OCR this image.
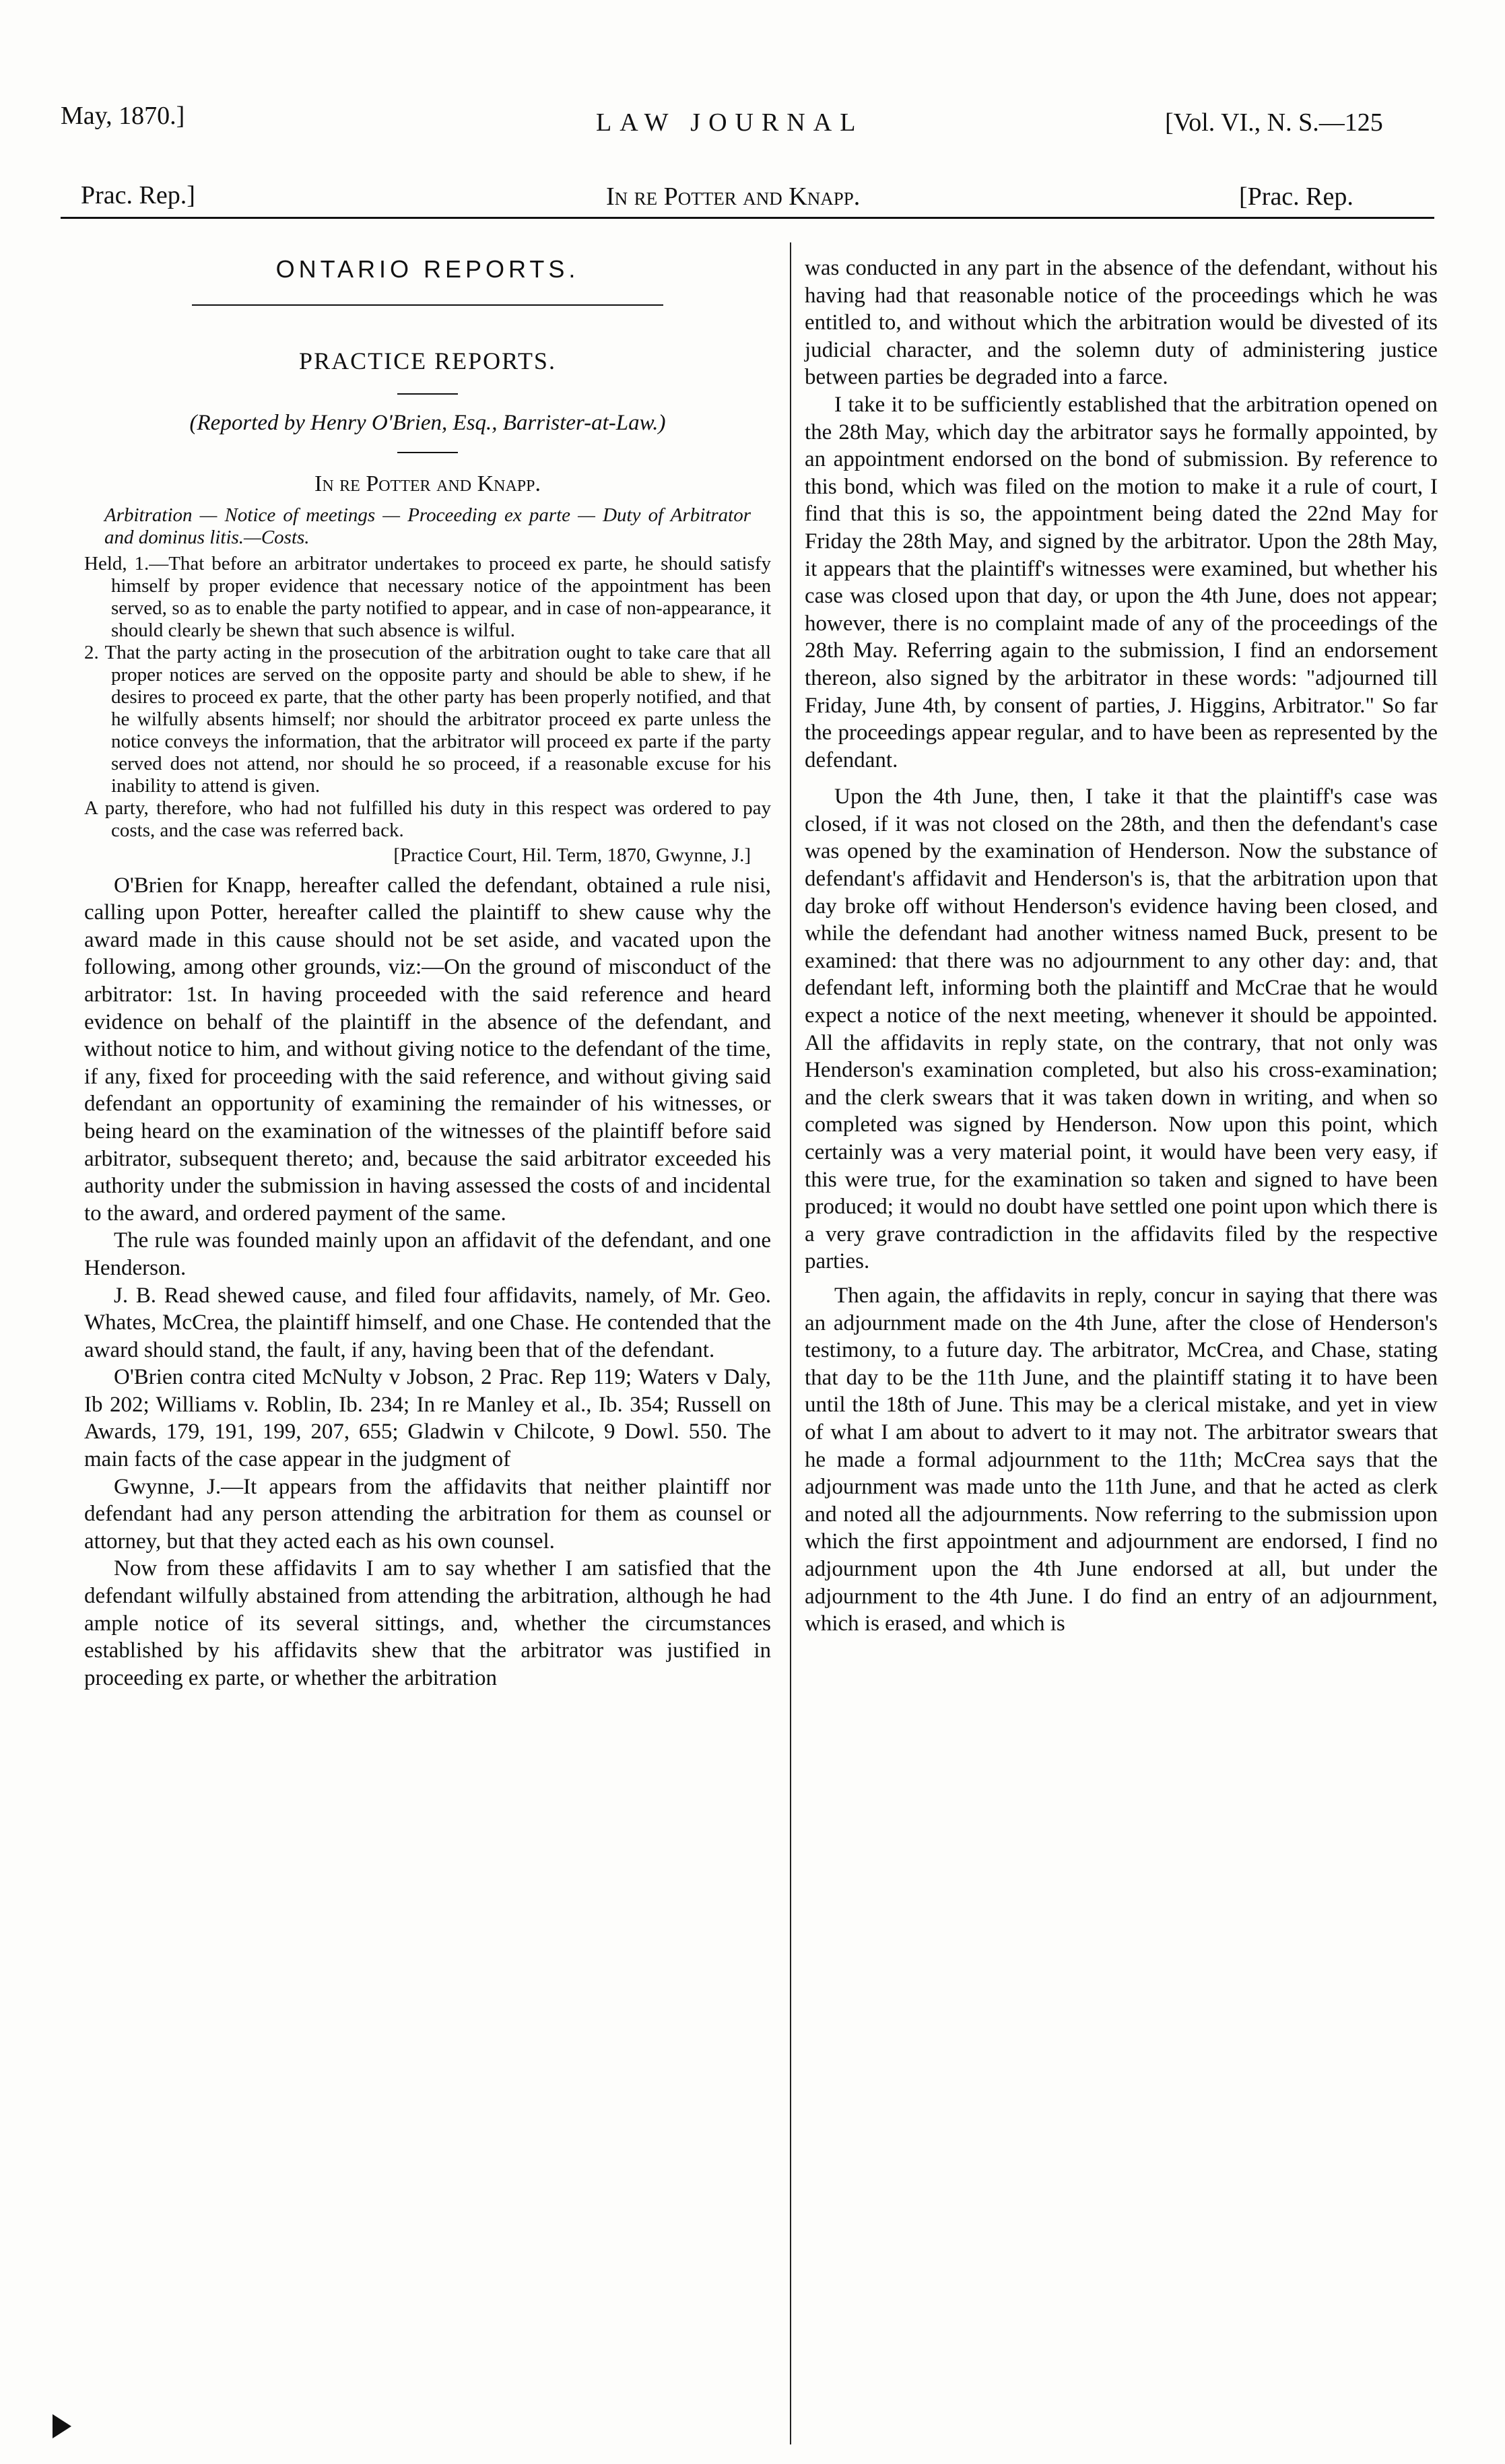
May, 1870.]	LAW JOURNAL	[Vol. VI., N. S.—125
Prac. Rep.]	In re Potter and Knapp.	[Prac. Rep.
ONTARIO REPORTS.
PRACTICE REPORTS.
(Reported by Henry O'Brien, Esq., Barrister-at-Law.)
In re Potter and Knapp.

Arbitration — Notice of meetings — Proceeding ex parte — Duty of Arbitrator and dominus litis.—Costs.

Held, 1.—That before an arbitrator undertakes to proceed ex parte, he should satisfy himself by proper evidence that necessary notice of the appointment has been served, so as to enable the party notified to appear, and in case of non-appearance, it should clearly be shewn that such absence is wilful.

2. That the party acting in the prosecution of the arbitration ought to take care that all proper notices are served on the opposite party and should be able to shew, if he desires to proceed ex parte, that the other party has been properly notified, and that he wilfully absents himself; nor should the arbitrator proceed ex parte unless the notice conveys the information, that the arbitrator will proceed ex parte if the party served does not attend, nor should he so proceed, if a reasonable excuse for his inability to attend is given.

A party, therefore, who had not fulfilled his duty in this respect was ordered to pay costs, and the case was referred back.

[Practice Court, Hil. Term, 1870, Gwynne, J.]

O'Brien for Knapp, hereafter called the defendant, obtained a rule nisi, calling upon Potter, hereafter called the plaintiff to shew cause why the award made in this cause should not be set aside, and vacated upon the following, among other grounds, viz:—On the ground of misconduct of the arbitrator: 1st. In having proceeded with the said reference and heard evidence on behalf of the plaintiff in the absence of the defendant, and without notice to him, and without giving notice to the defendant of the time, if any, fixed for proceeding with the said reference, and without giving said defendant an opportunity of examining the remainder of his witnesses, or being heard on the examination of the witnesses of the plaintiff before said arbitrator, subsequent thereto; and, because the said arbitrator exceeded his authority under the submission in having assessed the costs of and incidental to the award, and ordered payment of the same.

The rule was founded mainly upon an affidavit of the defendant, and one Henderson.

J. B. Read shewed cause, and filed four affidavits, namely, of Mr. Geo. Whates, McCrea, the plaintiff himself, and one Chase. He contended that the award should stand, the fault, if any, having been that of the defendant.

O'Brien contra cited McNulty v Jobson, 2 Prac. Rep 119; Waters v Daly, Ib 202; Williams v. Roblin, Ib. 234; In re Manley et al., Ib. 354; Russell on Awards, 179, 191, 199, 207, 655; Gladwin v Chilcote, 9 Dowl. 550. The main facts of the case appear in the judgment of

Gwynne, J.—It appears from the affidavits that neither plaintiff nor defendant had any person attending the arbitration for them as counsel or attorney, but that they acted each as his own counsel.

Now from these affidavits I am to say whether I am satisfied that the defendant wilfully abstained from attending the arbitration, although he had ample notice of its several sittings, and, whether the circumstances established by his affidavits shew that the arbitrator was justified in proceeding ex parte, or whether the arbitration

was conducted in any part in the absence of the defendant, without his having had that reasonable notice of the proceedings which he was entitled to, and without which the arbitration would be divested of its judicial character, and the solemn duty of administering justice between parties be degraded into a farce.

I take it to be sufficiently established that the arbitration opened on the 28th May, which day the arbitrator says he formally appointed, by an appointment endorsed on the bond of submission. By reference to this bond, which was filed on the motion to make it a rule of court, I find that this is so, the appointment being dated the 22nd May for Friday the 28th May, and signed by the arbitrator. Upon the 28th May, it appears that the plaintiff's witnesses were examined, but whether his case was closed upon that day, or upon the 4th June, does not appear; however, there is no complaint made of any of the proceedings of the 28th May. Referring again to the submission, I find an endorsement thereon, also signed by the arbitrator in these words: "adjourned till Friday, June 4th, by consent of parties, J. Higgins, Arbitrator." So far the proceedings appear regular, and to have been as represented by the defendant.

Upon the 4th June, then, I take it that the plaintiff's case was closed, if it was not closed on the 28th, and then the defendant's case was opened by the examination of Henderson. Now the substance of defendant's affidavit and Henderson's is, that the arbitration upon that day broke off without Henderson's evidence having been closed, and while the defendant had another witness named Buck, present to be examined: that there was no adjournment to any other day: and, that defendant left, informing both the plaintiff and McCrae that he would expect a notice of the next meeting, whenever it should be appointed. All the affidavits in reply state, on the contrary, that not only was Henderson's examination completed, but also his cross-examination; and the clerk swears that it was taken down in writing, and when so completed was signed by Henderson. Now upon this point, which certainly was a very material point, it would have been very easy, if this were true, for the examination so taken and signed to have been produced; it would no doubt have settled one point upon which there is a very grave contradiction in the affidavits filed by the respective parties.

Then again, the affidavits in reply, concur in saying that there was an adjournment made on the 4th June, after the close of Henderson's testimony, to a future day. The arbitrator, McCrea, and Chase, stating that day to be the 11th June, and the plaintiff stating it to have been until the 18th of June. This may be a clerical mistake, and yet in view of what I am about to advert to it may not. The arbitrator swears that he made a formal adjournment to the 11th; McCrea says that the adjournment was made unto the 11th June, and that he acted as clerk and noted all the adjournments. Now referring to the submission upon which the first appointment and adjournment are endorsed, I find no adjournment upon the 4th June endorsed at all, but under the adjournment to the 4th June. I do find an entry of an adjournment, which is erased, and which is
